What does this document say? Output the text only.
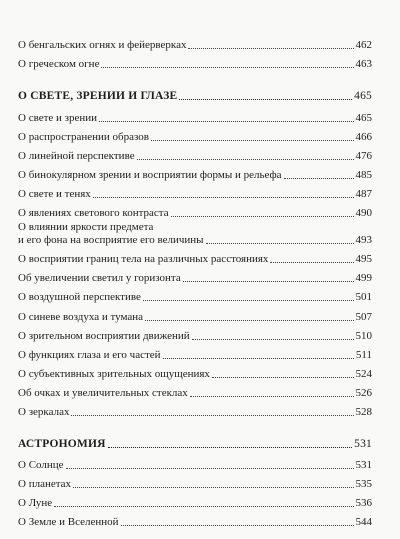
О бенгальских огнях и фейерверках	462
О греческом огне	463
О СВЕТЕ, ЗРЕНИИ И ГЛАЗЕ	465
О свете и зрении	465
О распространении образов	466
О линейной перспективе	476
О бинокулярном зрении и восприятии формы и рельефа	485
О свете и тенях	487
О явлениях светового контраста	490
О влиянии яркости предмета
и его фона на восприятие его величины	493
О восприятии границ тела на различных расстояниях	495
Об увеличении светил у горизонта	499
О воздушной перспективе	501
О синеве воздуха и тумана	507
О зрительном восприятии движений	510
О функциях глаза и его частей	511
О субъективных зрительных ощущениях	524
Об очках и увеличительных стеклах	526
О зеркалах	528
АСТРОНОМИЯ	531
О Солнце	531
О планетах	535
О Луне	536
О Земле и Вселенной	544
